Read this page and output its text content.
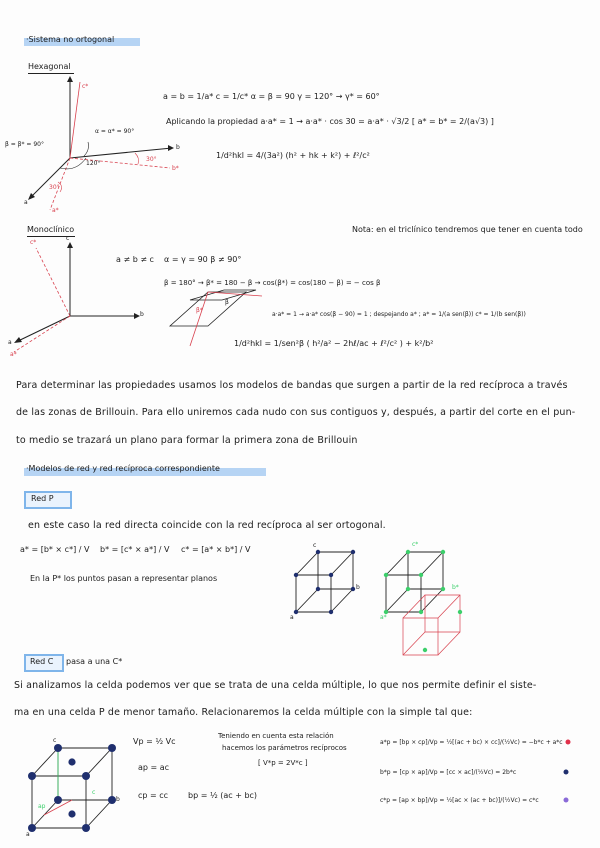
·Sistema no ortogonal
Hexagonal
c*
α = α* = 90°
β = β* = 90°
120°
30°
30°
b*
a*
b
a
a = b = 1/a* c = 1/c* α = β = 90 γ = 120° → γ* = 60°
Aplicando la propiedad a·a* = 1 → a·a* · cos 30 = a·a* · √3/2 [ a* = b* = 2/(a√3) ]
1/d²hkl = 4/(3a²) (h² + hk + k²) + ℓ²/c²
Monoclínico	Nota: en el triclínico tendremos que tener en cuenta todo
c*
c
b
a
a*
β*
β
a ≠ b ≠ c α = γ = 90 β ≠ 90°
β = 180° → β* = 180 − β → cos(β*) = cos(180 − β) = − cos β
a·a* = 1 → a·a* cos(β − 90) = 1 ; despejando a* ; a* = 1/(a sen(β)) c* = 1/(b sen(β))
1/d²hkl = 1/sen²β ( h²/a² − 2hℓ/ac + ℓ²/c² ) + k²/b²
Para determinar las propiedades usamos los modelos de bandas que surgen a partir de la red recíproca a través
de las zonas de Brillouin. Para ello uniremos cada nudo con sus contiguos y, después, a partir del corte en el pun-
to medio se trazará un plano para formar la primera zona de Brillouin
·Modelos de red y red recíproca correspondiente
Red P
en este caso la red directa coincide con la red recíproca al ser ortogonal.
a* = [b* × c*] / V b* = [c* × a*] / V c* = [a* × b*] / V
En la P* los puntos pasan a representar planos
c
b
a
c*
b*
a*
Red C pasa a una C*
Si analizamos la celda podemos ver que se trata de una celda múltiple, lo que nos permite definir el siste-
ma en una celda P de menor tamaño. Relacionaremos la celda múltiple con la simple tal que:
c
c
ap
b
a
Vp = ½ Vc
ap = ac
cp = cc bp = ½ (ac + bc)
Teniendo en cuenta esta relación
hacemos los parámetros recíprocos
[ V*p = 2V*c ]
a*p = [bp × cp]/Vp = ½[(ac + bc) × cc]/(½Vc) = −b*c + a*c
b*p = [cp × ap]/Vp = [cc × ac]/(½Vc) = 2b*c
c*p = [ap × bp]/Vp = ½[ac × (ac + bc)]/(½Vc) = c*c
